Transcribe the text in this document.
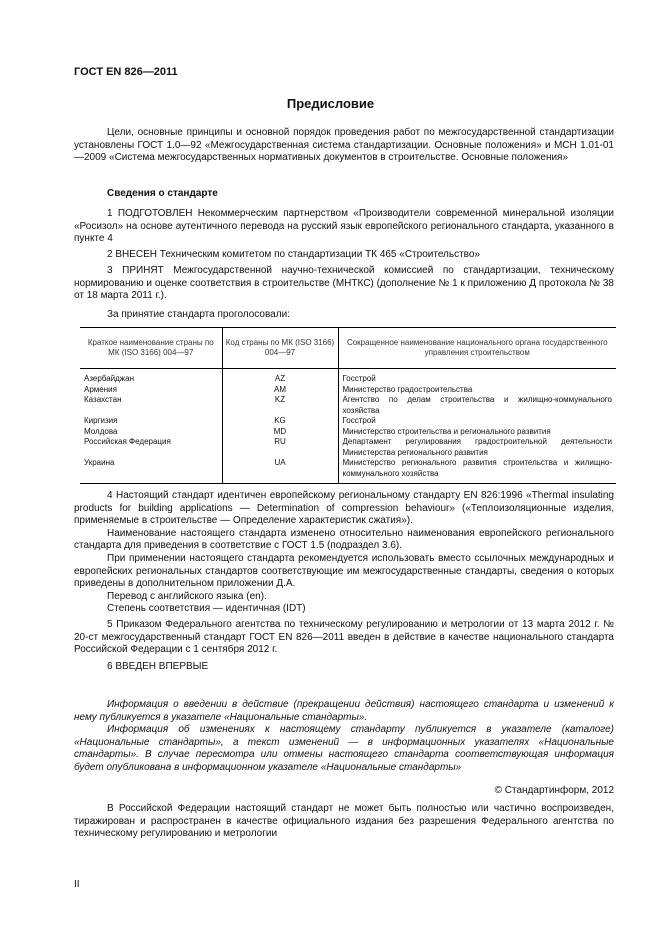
ГОСТ EN 826—2011
Предисловие

Цели, основные принципы и основной порядок проведения работ по межгосударственной стандартизации установлены ГОСТ 1.0—92 «Межгосударственная система стандартизации. Основные положения» и МСН 1.01-01—2009 «Система межгосударственных нормативных документов в строительстве. Основные положения»

Сведения о стандарте

1 ПОДГОТОВЛЕН Некоммерческим партнерством «Производители современной минеральной изоляции «Росизол» на основе аутентичного перевода на русский язык европейского регионального стандарта, указанного в пункте 4

2 ВНЕСЕН Техническим комитетом по стандартизации ТК 465 «Строительство»

3 ПРИНЯТ Межгосударственной научно-технической комиссией по стандартизации, техническому нормированию и оценке соответствия в строительстве (МНТКС) (дополнение № 1 к приложению Д протокола № 38 от 18 марта 2011 г.).

За принятие стандарта проголосовали:

Краткое наименование страны по МК (ISO 3166) 004—97	Код страны по МК (ISO 3166) 004—97	Сокращенное наименование национального органа государственного управления строительством
Азербайджан	AZ	Госстрой
Армения	AM	Министерство градостроительства
Казахстан	KZ	Агентство по делам строительства и жилищно-коммунального хозяйства
Киргизия	KG	Госстрой
Молдова	MD	Министерство строительства и регионального развития
Российская Федерация	RU	Департамент регулирования градостроительной деятельности Министерства регионального развития
Украина	UA	Министерство регионального развития строительства и жилищно-коммунального хозяйства

4 Настоящий стандарт идентичен европейскому региональному стандарту EN 826:1996 «Thermal insulating products for building applications — Determination of compression behaviour» («Теплоизоляционные изделия, применяемые в строительстве — Определение характеристик сжатия»).

Наименование настоящего стандарта изменено относительно наименования европейского регионального стандарта для приведения в соответствие с ГОСТ 1.5 (подраздел 3.6).

При применении настоящего стандарта рекомендуется использовать вместо ссылочных международных и европейских региональных стандартов соответствующие им межгосударственные стандарты, сведения о которых приведены в дополнительном приложении Д.А.

Перевод с английского языка (en).

Степень соответствия — идентичная (IDT)

5 Приказом Федерального агентства по техническому регулированию и метрологии от 13 марта 2012 г. № 20-ст межгосударственный стандарт ГОСТ EN 826—2011 введен в действие в качестве национального стандарта Российской Федерации с 1 сентября 2012 г.

6 ВВЕДЕН ВПЕРВЫЕ

Информация о введении в действие (прекращении действия) настоящего стандарта и изменений к нему публикуется в указателе «Национальные стандарты».

Информация об изменениях к настоящему стандарту публикуется в указателе (каталоге) «Национальные стандарты», а текст изменений — в информационных указателях «Национальные стандарты». В случае пересмотра или отмены настоящего стандарта соответствующая информация будет опубликована в информационном указателе «Национальные стандарты»

© Стандартинформ, 2012

В Российской Федерации настоящий стандарт не может быть полностью или частично воспроизведен, тиражирован и распространен в качестве официального издания без разрешения Федерального агентства по техническому регулированию и метрологии

II
